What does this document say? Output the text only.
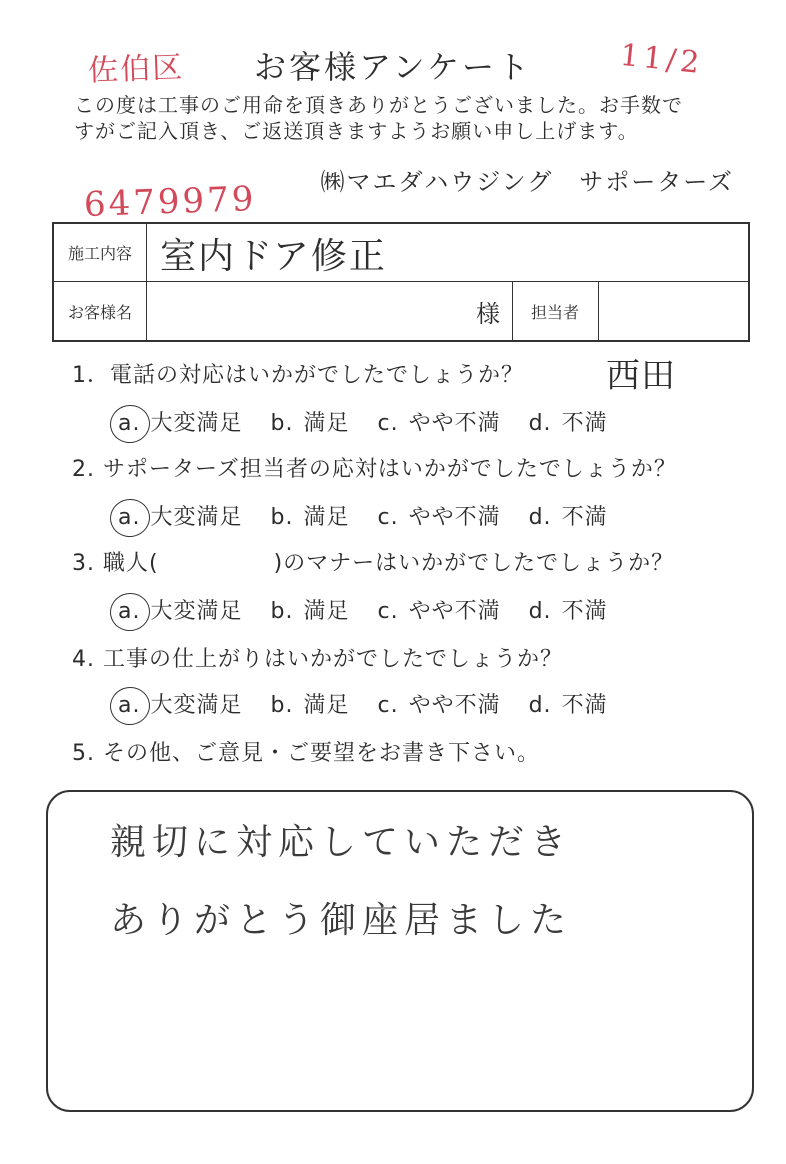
佐伯区	お客様アンケート	11/2
この度は工事のご用命を頂きありがとうございました。お手数で
すがご記入頂き、ご返送頂きますようお願い申し上げます。
6479979	㈱マエダハウジング　サポーターズ
施工内容 室内ドア修正
お客様名	様	担当者
西田
1．電話の対応はいかがでしたでしょうか？
a. 大変満足 b. 満足 c. やや不満 d. 不満
2. サポーターズ担当者の応対はいかがでしたでしょうか？
a. 大変満足 b. 満足 c. やや不満 d. 不満
3. 職人(　　　　　)のマナーはいかがでしたでしょうか？
a. 大変満足 b. 満足 c. やや不満 d. 不満
4. 工事の仕上がりはいかがでしたでしょうか？
a. 大変満足 b. 満足 c. やや不満 d. 不満
5. その他、ご意見・ご要望をお書き下さい。
親切に対応していただき
ありがとう御座居ました
